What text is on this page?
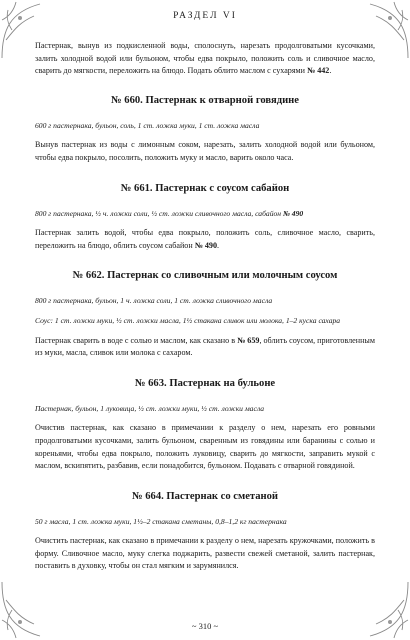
РАЗДЕЛ VI

Пастернак, вынув из подкисленной воды, сполоснуть, нарезать продолговатыми кусочками, залить холодной водой или бульоном, чтобы едва покрыло, положить соль и сливочное масло, сварить до мягкости, переложить на блюдо. Подать облито маслом с сухарями № 442.

№ 660. Пастернак к отварной говядине

600 г пастернака, бульон, соль, 1 ст. ложка муки, 1 ст. ложка масла

Вынув пастернак из воды с лимонным соком, нарезать, залить холодной водой или бульоном, чтобы едва покрыло, посолить, положить муку и масло, варить около часа.

№ 661. Пастернак с соусом сабайон

800 г пастернака, ½ ч. ложки соли, ½ ст. ложки сливочного масла, сабайон № 490

Пастернак залить водой, чтобы едва покрыло, положить соль, сливочное масло, сварить, переложить на блюдо, облить соусом сабайон № 490.

№ 662. Пастернак со сливочным или молочным соусом

800 г пастернака, бульон, 1 ч. ложка соли, 1 ст. ложка сливочного масла

Соус: 1 ст. ложки муки, ½ ст. ложки масла, 1½ стакана сливок или молока, 1–2 куска сахара

Пастернак сварить в воде с солью и маслом, как сказано в № 659, облить соусом, приготовленным из муки, масла, сливок или молока с сахаром.

№ 663. Пастернак на бульоне

Пастернак, бульон, 1 луковица, ½ ст. ложки муки, ½ ст. ложки масла

Очистив пастернак, как сказано в примечании к разделу о нем, нарезать его ровными продолговатыми кусочками, залить бульоном, сваренным из говядины или баранины с солью и кореньями, чтобы едва покрыло, положить луковицу, сварить до мягкости, заправить мукой с маслом, вскипятить, разбавив, если понадобится, бульоном. Подавать с отварной говядиной.

№ 664. Пастернак со сметаной

50 г масла, 1 ст. ложка муки, 1½–2 стакана сметаны, 0,8–1,2 кг пастернака

Очистить пастернак, как сказано в примечании к разделу о нем, нарезать кружочками, положить в форму. Сливочное масло, муку слегка поджарить, развести свежей сметаной, залить пастернак, поставить в духовку, чтобы он стал мягким и зарумянился.

~ 310 ~
